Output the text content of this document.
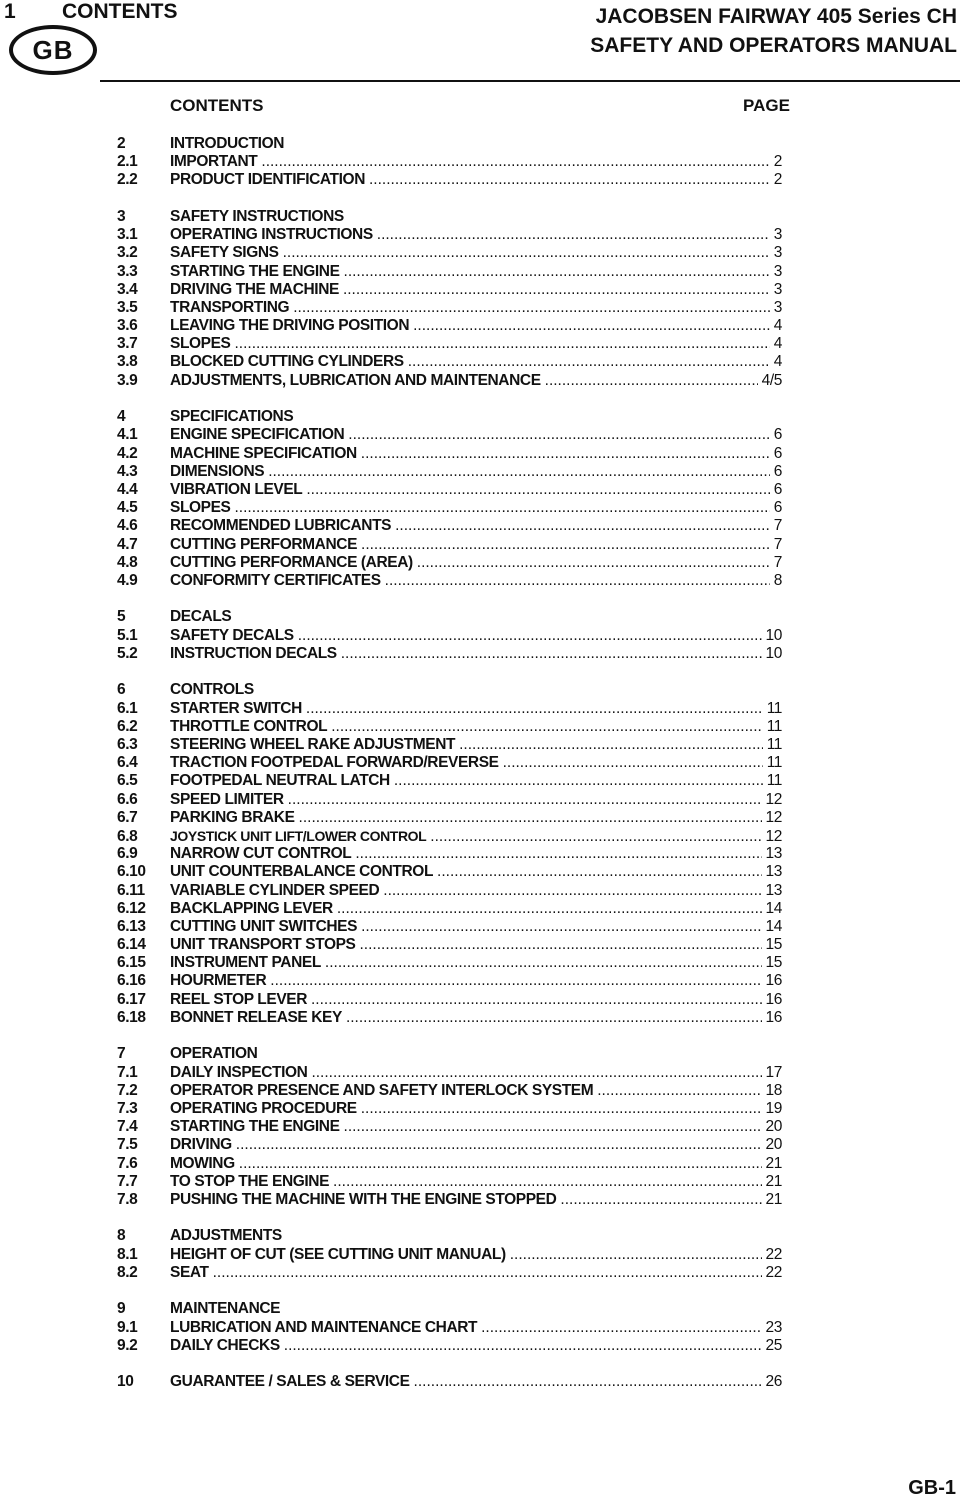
1 CONTENTS	JACOBSEN FAIRWAY 405 Series CH
SAFETY AND OPERATORS MANUAL
GB
CONTENTS	PAGE
2	INTRODUCTION
2.1	IMPORTANT .....	2
2.2	PRODUCT IDENTIFICATION .....	2
3	SAFETY INSTRUCTIONS
3.1	OPERATING INSTRUCTIONS .....	3
3.2	SAFETY SIGNS .....	3
3.3	STARTING THE ENGINE .....	3
3.4	DRIVING THE MACHINE .....	3
3.5	TRANSPORTING .....	3
3.6	LEAVING THE DRIVING POSITION .....	4
3.7	SLOPES .....	4
3.8	BLOCKED CUTTING CYLINDERS .....	4
3.9	ADJUSTMENTS, LUBRICATION AND MAINTENANCE .....	4/5
4	SPECIFICATIONS
4.1	ENGINE SPECIFICATION .....	6
4.2	MACHINE SPECIFICATION .....	6
4.3	DIMENSIONS .....	6
4.4	VIBRATION LEVEL .....	6
4.5	SLOPES .....	6
4.6	RECOMMENDED LUBRICANTS .....	7
4.7	CUTTING PERFORMANCE .....	7
4.8	CUTTING PERFORMANCE (AREA) .....	7
4.9	CONFORMITY CERTIFICATES .....	8
5	DECALS
5.1	SAFETY DECALS .....	10
5.2	INSTRUCTION DECALS .....	10
6	CONTROLS
6.1	STARTER SWITCH .....	11
6.2	THROTTLE CONTROL .....	11
6.3	STEERING WHEEL RAKE ADJUSTMENT .....	11
6.4	TRACTION FOOTPEDAL FORWARD/REVERSE .....	11
6.5	FOOTPEDAL NEUTRAL LATCH .....	11
6.6	SPEED LIMITER .....	12
6.7	PARKING BRAKE .....	12
6.8	JOYSTICK UNIT LIFT/LOWER CONTROL .....	12
6.9	NARROW CUT CONTROL .....	13
6.10	UNIT COUNTERBALANCE CONTROL .....	13
6.11	VARIABLE CYLINDER SPEED .....	13
6.12	BACKLAPPING LEVER .....	14
6.13	CUTTING UNIT SWITCHES .....	14
6.14	UNIT TRANSPORT STOPS .....	15
6.15	INSTRUMENT PANEL .....	15
6.16	HOURMETER .....	16
6.17	REEL STOP LEVER .....	16
6.18	BONNET RELEASE KEY .....	16
7	OPERATION
7.1	DAILY INSPECTION .....	17
7.2	OPERATOR PRESENCE AND SAFETY INTERLOCK SYSTEM .....	18
7.3	OPERATING PROCEDURE .....	19
7.4	STARTING THE ENGINE .....	20
7.5	DRIVING .....	20
7.6	MOWING .....	21
7.7	TO STOP THE ENGINE .....	21
7.8	PUSHING THE MACHINE WITH THE ENGINE STOPPED .....	21
8	ADJUSTMENTS
8.1	HEIGHT OF CUT (SEE CUTTING UNIT MANUAL) .....	22
8.2	SEAT .....	22
9	MAINTENANCE
9.1	LUBRICATION AND MAINTENANCE CHART .....	23
9.2	DAILY CHECKS .....	25
10	GUARANTEE / SALES & SERVICE .....	26
GB-1
